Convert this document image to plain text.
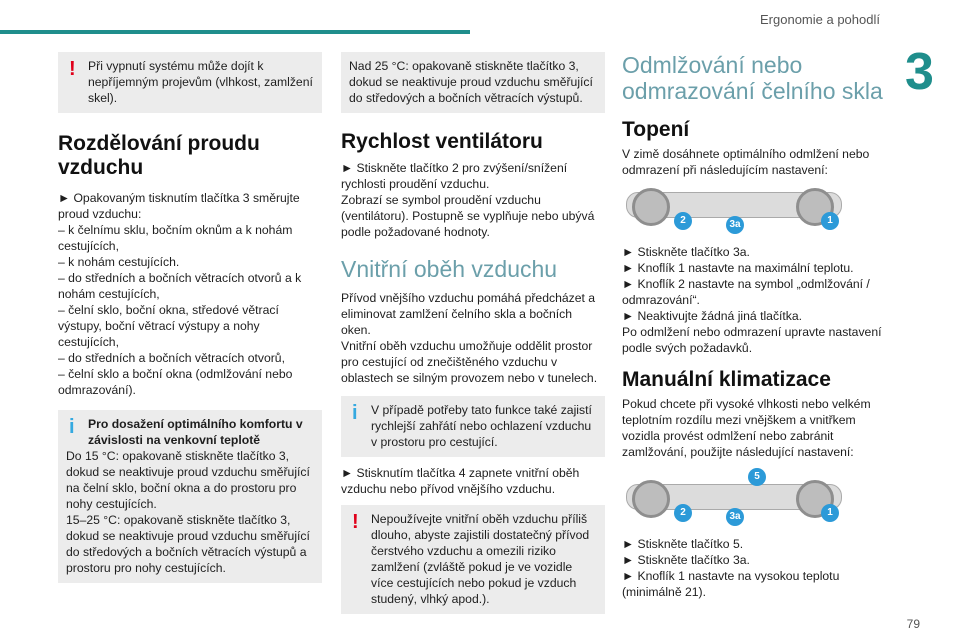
Ergonomie a pohodlí
3
! Při vypnutí systému může dojít k nepříjemným projevům (vlhkost, zamlžení skel).

Rozdělování proudu vzduchu

► Opakovaným tisknutím tlačítka 3 směrujte proud vzduchu:

– k čelnímu sklu, bočním oknům a k nohám cestujících,

– k nohám cestujících.

– do středních a bočních větracích otvorů a k nohám cestujících,

– čelní sklo, boční okna, středové větrací výstupy, boční větrací výstupy a nohy cestujících,

– do středních a bočních větracích otvorů,

– čelní sklo a boční okna (odmlžování nebo odmrazování).

i Pro dosažení optimálního komfortu v závislosti na venkovní teplotě

Do 15 °C: opakovaně stiskněte tlačítko 3, dokud se neaktivuje proud vzduchu směřující na čelní sklo, boční okna a do prostoru pro nohy cestujících.

15–25 °C: opakovaně stiskněte tlačítko 3, dokud se neaktivuje proud vzduchu směřující do středových a bočních větracích výstupů a prostoru pro nohy cestujících.

Nad 25 °C: opakovaně stiskněte tlačítko 3, dokud se neaktivuje proud vzduchu směřující do středových a bočních větracích výstupů.

Rychlost ventilátoru

► Stiskněte tlačítko 2 pro zvýšení/snížení rychlosti proudění vzduchu.

Zobrazí se symbol proudění vzduchu (ventilátoru). Postupně se vyplňuje nebo ubývá podle požadované hodnoty.

Vnitřní oběh vzduchu

Přívod vnějšího vzduchu pomáhá předcházet a eliminovat zamlžení čelního skla a bočních oken.

Vnitřní oběh vzduchu umožňuje oddělit prostor pro cestující od znečištěného vzduchu v oblastech se silným provozem nebo v tunelech.

i V případě potřeby tato funkce také zajistí rychlejší zahřátí nebo ochlazení vzduchu v prostoru pro cestující.

► Stisknutím tlačítka 4 zapnete vnitřní oběh vzduchu nebo přívod vnějšího vzduchu.

! Nepoužívejte vnitřní oběh vzduchu příliš dlouho, abyste zajistili dostatečný přívod čerstvého vzduchu a omezili riziko zamlžení (zvláště pokud je ve vozidle více cestujících nebo pokud je vzduch studený, vlhký apod.).

Odmlžování nebo odmrazování čelního skla
Topení

V zimě dosáhnete optimálního odmlžení nebo odmrazení při následujícím nastavení:

2	3a	1

► Stiskněte tlačítko 3a.

► Knoflík 1 nastavte na maximální teplotu.

► Knoflík 2 nastavte na symbol „odmlžování / odmrazování“.

► Neaktivujte žádná jiná tlačítka.

Po odmlžení nebo odmrazení upravte nastavení podle svých požadavků.

Manuální klimatizace

Pokud chcete při vysoké vlhkosti nebo velkém teplotním rozdílu mezi vnějškem a vnitřkem vozidla provést odmlžení nebo zabránit zamlžování, použijte následující nastavení:

5
2	3a	1

► Stiskněte tlačítko 5.

► Stiskněte tlačítko 3a.

► Knoflík 1 nastavte na vysokou teplotu (minimálně 21).

79
